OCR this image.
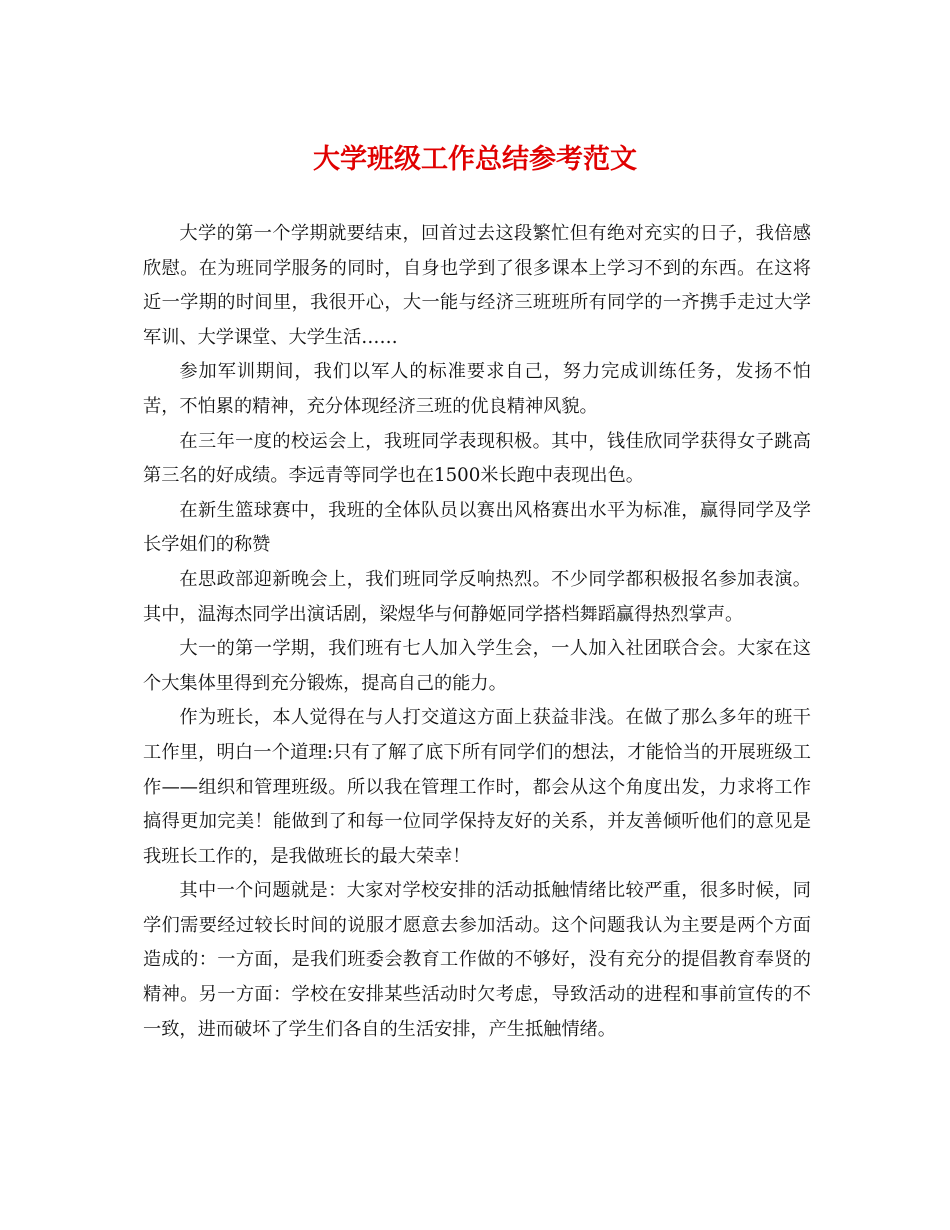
大学班级工作总结参考范文

大学的第一个学期就要结束，回首过去这段繁忙但有绝对充实的日子，我倍感欣慰。在为班同学服务的同时，自身也学到了很多课本上学习不到的东西。在这将近一学期的时间里，我很开心，大一能与经济三班班所有同学的一齐携手走过大学军训、大学课堂、大学生活……

参加军训期间，我们以军人的标准要求自己，努力完成训练任务，发扬不怕苦，不怕累的精神，充分体现经济三班的优良精神风貌。

在三年一度的校运会上，我班同学表现积极。其中，钱佳欣同学获得女子跳高第三名的好成绩。李远青等同学也在1500米长跑中表现出色。

在新生篮球赛中，我班的全体队员以赛出风格赛出水平为标准，赢得同学及学长学姐们的称赞

在思政部迎新晚会上，我们班同学反响热烈。不少同学都积极报名参加表演。其中，温海杰同学出演话剧，梁煜华与何静姬同学搭档舞蹈赢得热烈掌声。

大一的第一学期，我们班有七人加入学生会，一人加入社团联合会。大家在这个大集体里得到充分锻炼，提高自己的能力。

作为班长，本人觉得在与人打交道这方面上获益非浅。在做了那么多年的班干工作里，明白一个道理:只有了解了底下所有同学们的想法，才能恰当的开展班级工作——组织和管理班级。所以我在管理工作时，都会从这个角度出发，力求将工作搞得更加完美！能做到了和每一位同学保持友好的关系，并友善倾听他们的意见是我班长工作的，是我做班长的最大荣幸！

其中一个问题就是：大家对学校安排的活动抵触情绪比较严重，很多时候，同学们需要经过较长时间的说服才愿意去参加活动。这个问题我认为主要是两个方面造成的：一方面，是我们班委会教育工作做的不够好，没有充分的提倡教育奉贤的精神。另一方面：学校在安排某些活动时欠考虑，导致活动的进程和事前宣传的不一致，进而破坏了学生们各自的生活安排，产生抵触情绪。
